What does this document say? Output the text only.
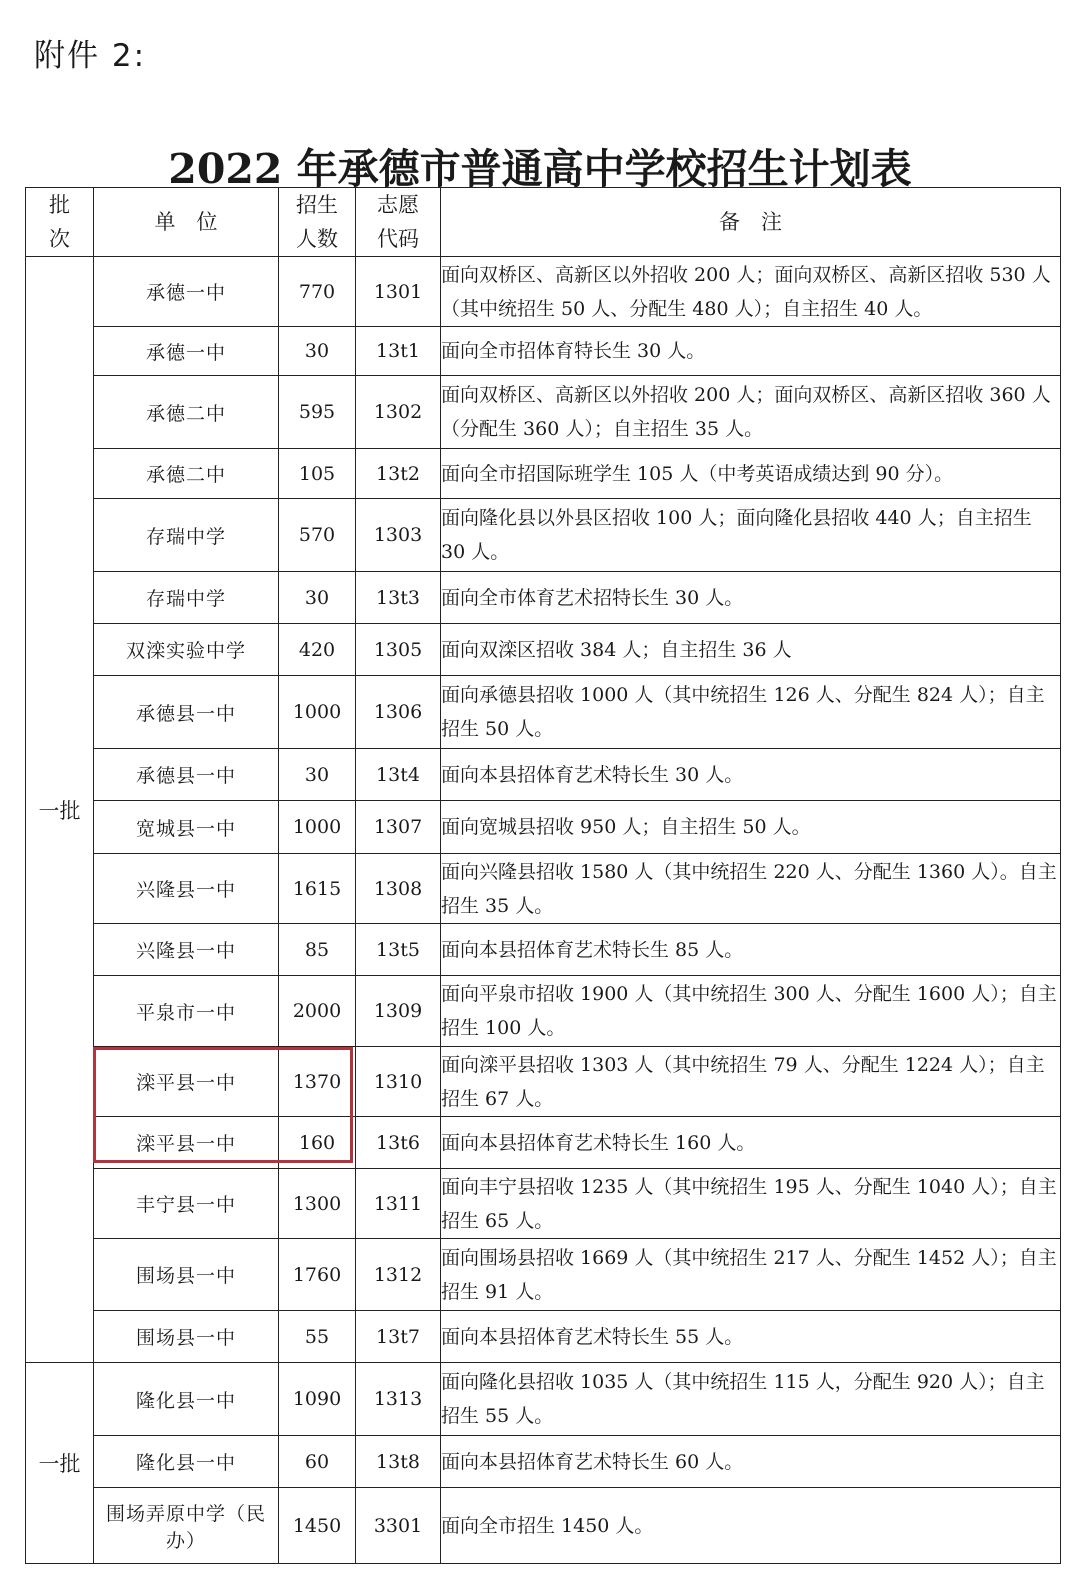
附件 2:
2022 年承德市普通高中学校招生计划表
批次	单　位	招生人数	志愿代码	备　注
一批	承德一中	770	1301	面向双桥区、高新区以外招收 200 人；面向双桥区、高新区招收 530 人（其中统招生 50 人、分配生 480 人）；自主招生 40 人。
	承德一中	30	13t1	面向全市招体育特长生 30 人。
	承德二中	595	1302	面向双桥区、高新区以外招收 200 人；面向双桥区、高新区招收 360 人（分配生 360 人）；自主招生 35 人。
	承德二中	105	13t2	面向全市招国际班学生 105 人（中考英语成绩达到 90 分）。
	存瑞中学	570	1303	面向隆化县以外县区招收 100 人；面向隆化县招收 440 人；自主招生 30 人。
	存瑞中学	30	13t3	面向全市体育艺术招特长生 30 人。
	双滦实验中学	420	1305	面向双滦区招收 384 人；自主招生 36 人
	承德县一中	1000	1306	面向承德县招收 1000 人（其中统招生 126 人、分配生 824 人）；自主招生 50 人。
	承德县一中	30	13t4	面向本县招体育艺术特长生 30 人。
	宽城县一中	1000	1307	面向宽城县招收 950 人；自主招生 50 人。
	兴隆县一中	1615	1308	面向兴隆县招收 1580 人（其中统招生 220 人、分配生 1360 人）。自主招生 35 人。
	兴隆县一中	85	13t5	面向本县招体育艺术特长生 85 人。
	平泉市一中	2000	1309	面向平泉市招收 1900 人（其中统招生 300 人、分配生 1600 人）；自主招生 100 人。
	滦平县一中	1370	1310	面向滦平县招收 1303 人（其中统招生 79 人、分配生 1224 人）；自主招生 67 人。
	滦平县一中	160	13t6	面向本县招体育艺术特长生 160 人。
	丰宁县一中	1300	1311	面向丰宁县招收 1235 人（其中统招生 195 人、分配生 1040 人）；自主招生 65 人。
	围场县一中	1760	1312	面向围场县招收 1669 人（其中统招生 217 人、分配生 1452 人）；自主招生 91 人。
	围场县一中	55	13t7	面向本县招体育艺术特长生 55 人。
一批	隆化县一中	1090	1313	面向隆化县招收 1035 人（其中统招生 115 人，分配生 920 人）；自主招生 55 人。
	隆化县一中	60	13t8	面向本县招体育艺术特长生 60 人。
	围场弄原中学（民办）	1450	3301	面向全市招生 1450 人。
